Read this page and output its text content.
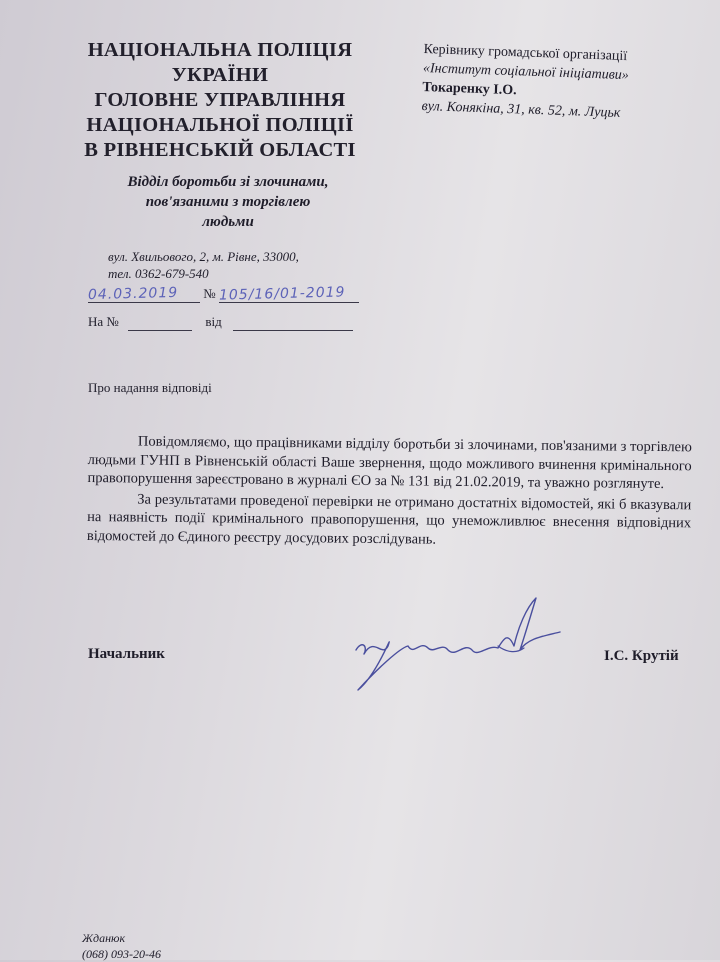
НАЦІОНАЛЬНА ПОЛІЦІЯ
УКРАЇНИ
ГОЛОВНЕ УПРАВЛІННЯ
НАЦІОНАЛЬНОЇ ПОЛІЦІЇ
В РІВНЕНСЬКІЙ ОБЛАСТІ
Відділ боротьби зі злочинами,
пов'язаними з торгівлею
людьми
вул. Хвильового, 2, м. Рівне, 33000,
тел. 0362-679-540
Керівнику громадської організації
«Інститут соціальної ініціативи»
Токаренку І.О.
вул. Конякіна, 31, кв. 52, м. Луцьк
04.03.2019 № 105/16/01-2019
На №	від
Про надання відповіді

Повідомляємо, що працівниками відділу боротьби зі злочинами, пов'язаними з торгівлею людьми ГУНП в Рівненській області Ваше звернення, щодо можливого вчинення кримінального правопорушення зареєстровано в журналі ЄО за № 131 від 21.02.2019, та уважно розглянуте.

За результатами проведеної перевірки не отримано достатніх відомостей, які б вказували на наявність події кримінального правопорушення, що унеможливлює внесення відповідних відомостей до Єдиного реєстру досудових розслідувань.

Начальник	І.С. Крутій
Жданюк
(068) 093-20-46
